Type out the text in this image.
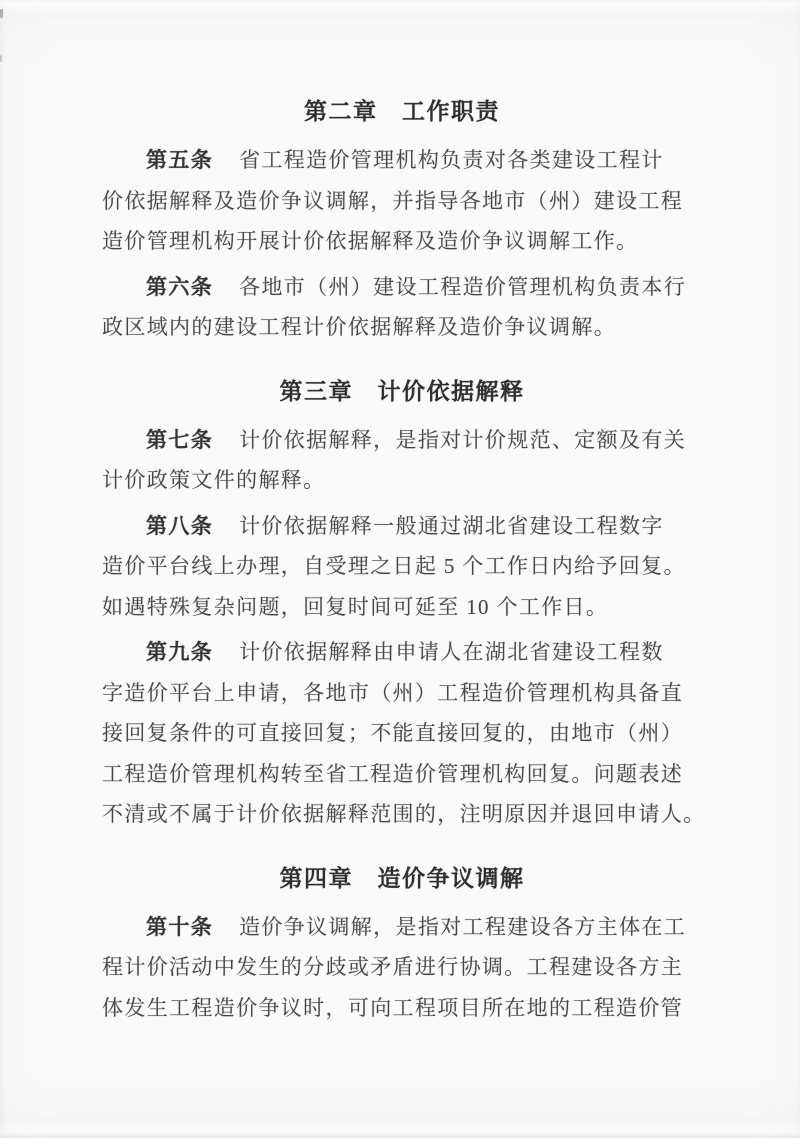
第二章　工作职责

第五条 省工程造价管理机构负责对各类建设工程计
价依据解释及造价争议调解，并指导各地市（州）建设工程
造价管理机构开展计价依据解释及造价争议调解工作。

第六条 各地市（州）建设工程造价管理机构负责本行
政区域内的建设工程计价依据解释及造价争议调解。

第三章　计价依据解释

第七条 计价依据解释，是指对计价规范、定额及有关
计价政策文件的解释。

第八条 计价依据解释一般通过湖北省建设工程数字
造价平台线上办理，自受理之日起 5 个工作日内给予回复。
如遇特殊复杂问题，回复时间可延至 10 个工作日。

第九条 计价依据解释由申请人在湖北省建设工程数
字造价平台上申请，各地市（州）工程造价管理机构具备直
接回复条件的可直接回复；不能直接回复的，由地市（州）
工程造价管理机构转至省工程造价管理机构回复。问题表述
不清或不属于计价依据解释范围的，注明原因并退回申请人。

第四章　造价争议调解

第十条 造价争议调解，是指对工程建设各方主体在工
程计价活动中发生的分歧或矛盾进行协调。工程建设各方主
体发生工程造价争议时，可向工程项目所在地的工程造价管
